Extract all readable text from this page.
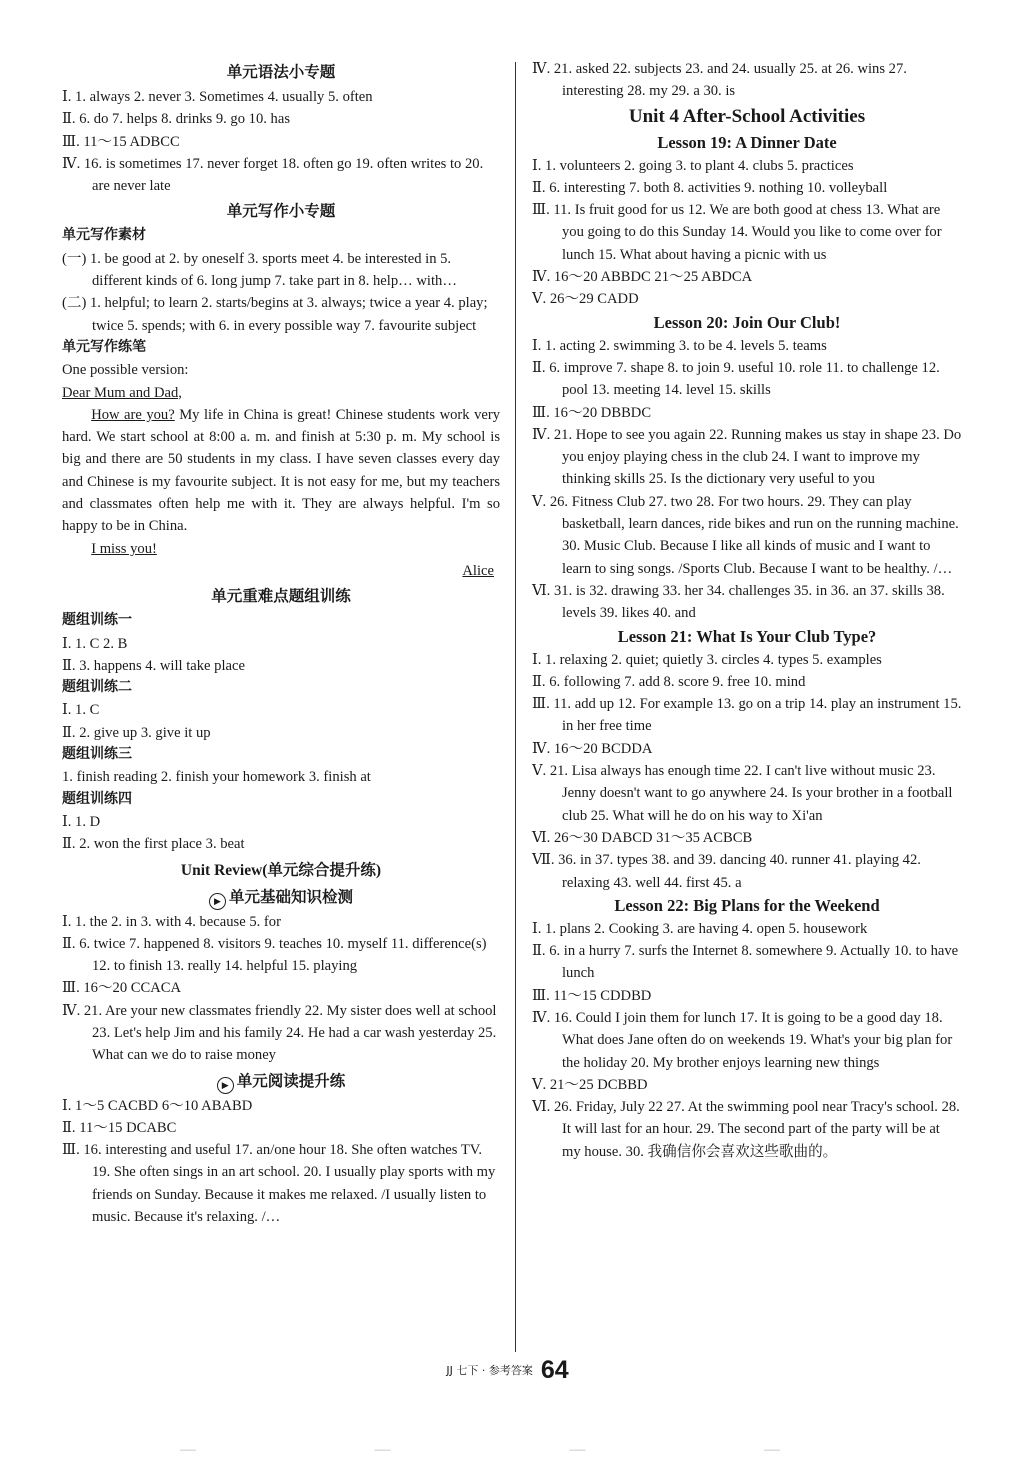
单元语法小专题
Ⅰ. 1. always 2. never 3. Sometimes 4. usually 5. often
Ⅱ. 6. do 7. helps 8. drinks 9. go 10. has
Ⅲ. 11～15 ADBCC
Ⅳ. 16. is sometimes 17. never forget 18. often go 19. often writes to 20. are never late
单元写作小专题
单元写作素材
(一) 1. be good at 2. by oneself 3. sports meet 4. be interested in 5. different kinds of 6. long jump 7. take part in 8. help… with…
(二) 1. helpful; to learn 2. starts/begins at 3. always; twice a year 4. play; twice 5. spends; with 6. in every possible way 7. favourite subject
单元写作练笔
One possible version:
Dear Mum and Dad,
How are you? My life in China is great! Chinese students work very hard. We start school at 8:00 a. m. and finish at 5:30 p. m. My school is big and there are 50 students in my class. I have seven classes every day and Chinese is my favourite subject. It is not easy for me, but my teachers and classmates often help me with it. They are always helpful. I'm so happy to be in China.
I miss you!
Alice
单元重难点题组训练
题组训练一
Ⅰ. 1. C 2. B
Ⅱ. 3. happens 4. will take place
题组训练二
Ⅰ. 1. C
Ⅱ. 2. give up 3. give it up
题组训练三
1. finish reading 2. finish your homework 3. finish at
题组训练四
Ⅰ. 1. D
Ⅱ. 2. won the first place 3. beat
Unit Review(单元综合提升练)
▶ 单元基础知识检测
Ⅰ. 1. the 2. in 3. with 4. because 5. for
Ⅱ. 6. twice 7. happened 8. visitors 9. teaches 10. myself 11. difference(s) 12. to finish 13. really 14. helpful 15. playing
Ⅲ. 16～20 CCACA
Ⅳ. 21. Are your new classmates friendly 22. My sister does well at school 23. Let's help Jim and his family 24. He had a car wash yesterday 25. What can we do to raise money
▶ 单元阅读提升练
Ⅰ. 1～5 CACBD 6～10 ABABD
Ⅱ. 11～15 DCABC
Ⅲ. 16. interesting and useful 17. an/one hour 18. She often watches TV. 19. She often sings in an art school. 20. I usually play sports with my friends on Sunday. Because it makes me relaxed. /I usually listen to music. Because it's relaxing. /…
Ⅳ. 21. asked 22. subjects 23. and 24. usually 25. at 26. wins 27. interesting 28. my 29. a 30. is
Unit 4 After-School Activities
Lesson 19: A Dinner Date
Ⅰ. 1. volunteers 2. going 3. to plant 4. clubs 5. practices
Ⅱ. 6. interesting 7. both 8. activities 9. nothing 10. volleyball
Ⅲ. 11. Is fruit good for us 12. We are both good at chess 13. What are you going to do this Sunday 14. Would you like to come over for lunch 15. What about having a picnic with us
Ⅳ. 16～20 ABBDC 21～25 ABDCA
Ⅴ. 26～29 CADD
Lesson 20: Join Our Club!
Ⅰ. 1. acting 2. swimming 3. to be 4. levels 5. teams
Ⅱ. 6. improve 7. shape 8. to join 9. useful 10. role 11. to challenge 12. pool 13. meeting 14. level 15. skills
Ⅲ. 16～20 DBBDC
Ⅳ. 21. Hope to see you again 22. Running makes us stay in shape 23. Do you enjoy playing chess in the club 24. I want to improve my thinking skills 25. Is the dictionary very useful to you
Ⅴ. 26. Fitness Club 27. two 28. For two hours. 29. They can play basketball, learn dances, ride bikes and run on the running machine. 30. Music Club. Because I like all kinds of music and I want to learn to sing songs. /Sports Club. Because I want to be healthy. /…
Ⅵ. 31. is 32. drawing 33. her 34. challenges 35. in 36. an 37. skills 38. levels 39. likes 40. and
Lesson 21: What Is Your Club Type?
Ⅰ. 1. relaxing 2. quiet; quietly 3. circles 4. types 5. examples
Ⅱ. 6. following 7. add 8. score 9. free 10. mind
Ⅲ. 11. add up 12. For example 13. go on a trip 14. play an instrument 15. in her free time
Ⅳ. 16～20 BCDDA
Ⅴ. 21. Lisa always has enough time 22. I can't live without music 23. Jenny doesn't want to go anywhere 24. Is your brother in a football club 25. What will he do on his way to Xi'an
Ⅵ. 26～30 DABCD 31～35 ACBCB
Ⅶ. 36. in 37. types 38. and 39. dancing 40. runner 41. playing 42. relaxing 43. well 44. first 45. a
Lesson 22: Big Plans for the Weekend
Ⅰ. 1. plans 2. Cooking 3. are having 4. open 5. housework
Ⅱ. 6. in a hurry 7. surfs the Internet 8. somewhere 9. Actually 10. to have lunch
Ⅲ. 11～15 CDDBD
Ⅳ. 16. Could I join them for lunch 17. It is going to be a good day 18. What does Jane often do on weekends 19. What's your big plan for the holiday 20. My brother enjoys learning new things
Ⅴ. 21～25 DCBBD
Ⅵ. 26. Friday, July 22 27. At the swimming pool near Tracy's school. 28. It will last for an hour. 29. The second part of the party will be at my house. 30. 我确信你会喜欢这些歌曲的。
$^{JJ 七下 \cdot 参考答案}$ 64
—	—	—	—
